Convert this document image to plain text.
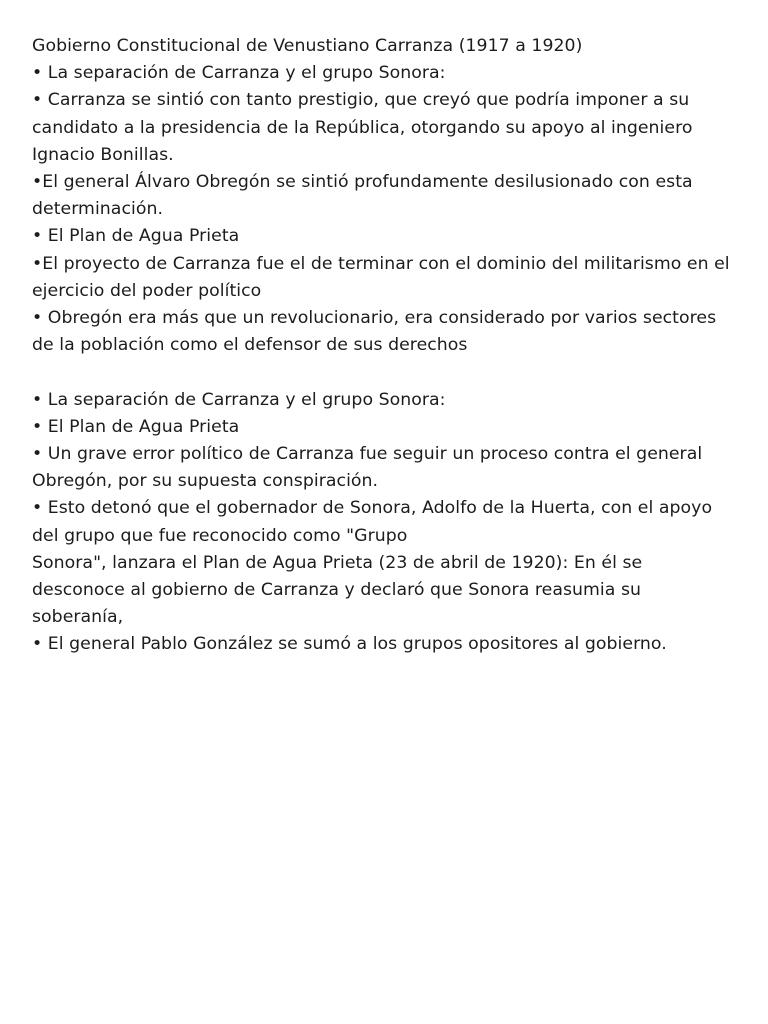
Gobierno Constitucional de Venustiano Carranza (1917 a 1920)

• La separación de Carranza y el grupo Sonora:

• Carranza se sintió con tanto prestigio, que creyó que podría imponer a su candidato a la presidencia de la República, otorgando su apoyo al ingeniero Ignacio Bonillas.

•El general Álvaro Obregón se sintió profundamente desilusionado con esta determinación.

• El Plan de Agua Prieta

•El proyecto de Carranza fue el de terminar con el dominio del militarismo en el ejercicio del poder político

• Obregón era más que un revolucionario, era considerado por varios sectores de la población como el defensor de sus derechos

• La separación de Carranza y el grupo Sonora:

• El Plan de Agua Prieta

• Un grave error político de Carranza fue seguir un proceso contra el general Obregón, por su supuesta conspiración.

• Esto detonó que el gobernador de Sonora, Adolfo de la Huerta, con el apoyo del grupo que fue reconocido como "Grupo

Sonora", lanzara el Plan de Agua Prieta (23 de abril de 1920): En él se desconoce al gobierno de Carranza y declaró que Sonora reasumia su soberanía,

• El general Pablo González se sumó a los grupos opositores al gobierno.
